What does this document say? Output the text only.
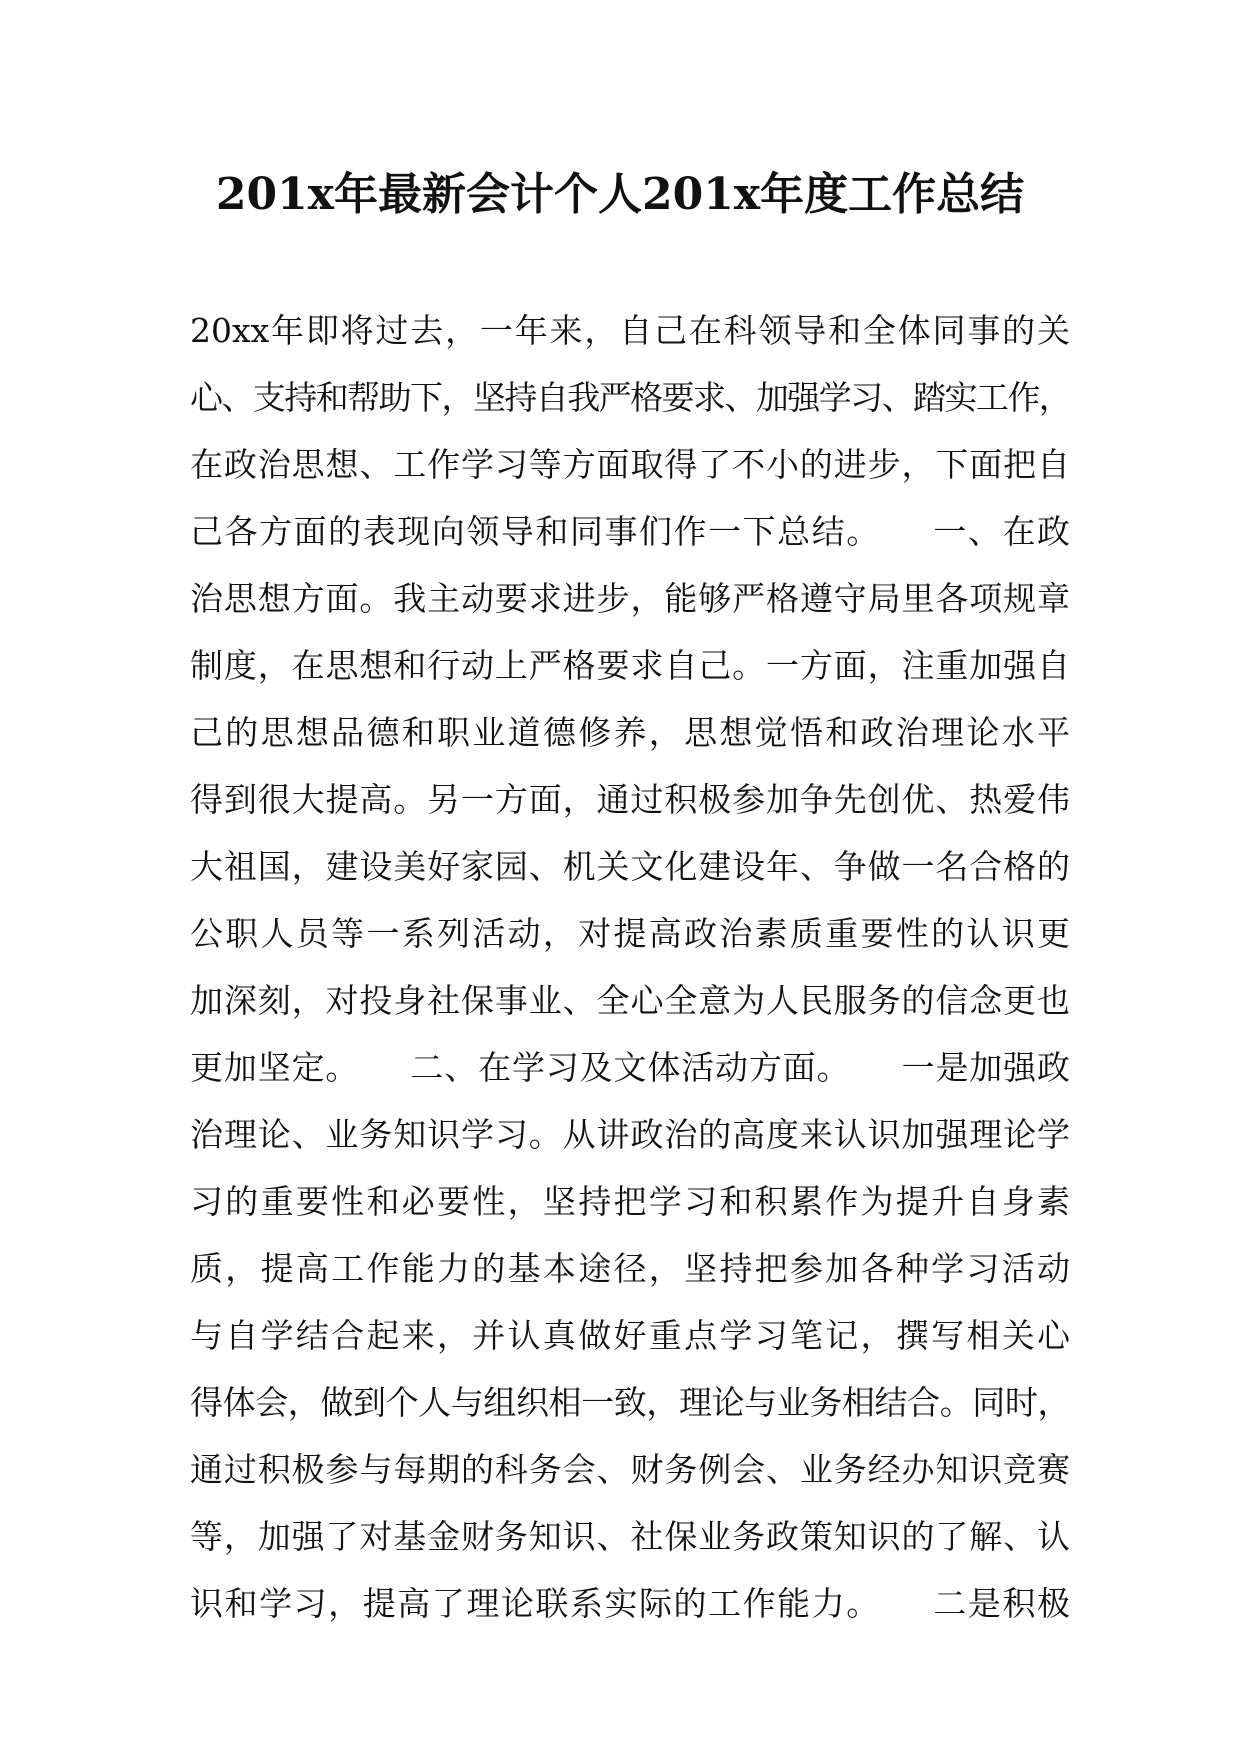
201x年最新会计个人201x年度工作总结
20xx年即将过去，一年来，自己在科领导和全体同事的关
心、支持和帮助下，坚持自我严格要求、加强学习、踏实工作，
在政治思想、工作学习等方面取得了不小的进步，下面把自
己各方面的表现向领导和同事们作一下总结。　　一、在政
治思想方面。我主动要求进步，能够严格遵守局里各项规章
制度，在思想和行动上严格要求自己。一方面，注重加强自
己的思想品德和职业道德修养，思想觉悟和政治理论水平
得到很大提高。另一方面，通过积极参加争先创优、热爱伟
大祖国，建设美好家园、机关文化建设年、争做一名合格的
公职人员等一系列活动，对提高政治素质重要性的认识更
加深刻，对投身社保事业、全心全意为人民服务的信念更也
更加坚定。　　二、在学习及文体活动方面。　　一是加强政
治理论、业务知识学习。从讲政治的高度来认识加强理论学
习的重要性和必要性，坚持把学习和积累作为提升自身素
质，提高工作能力的基本途径，坚持把参加各种学习活动
与自学结合起来，并认真做好重点学习笔记，撰写相关心
得体会，做到个人与组织相一致，理论与业务相结合。同时，
通过积极参与每期的科务会、财务例会、业务经办知识竞赛
等，加强了对基金财务知识、社保业务政策知识的了解、认
识和学习，提高了理论联系实际的工作能力。　　二是积极
